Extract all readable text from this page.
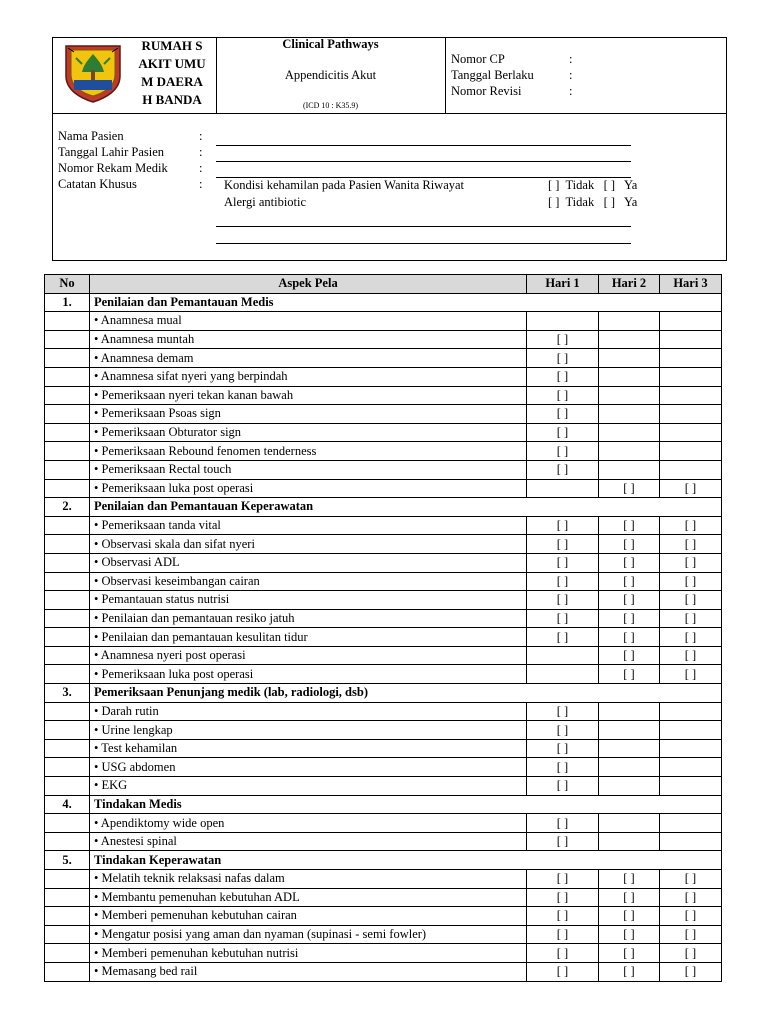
RUMAH S
AKIT UMU
M DAERA
H BANDA
Clinical Pathways
Appendicitis Akut
(ICD 10 : K35.9)
Nomor CP
Tanggal Berlaku
Nomor Revisi
:
:
:
Nama Pasien
Tanggal Lahir Pasien
Nomor Rekam Medik
Catatan Khusus
:
:
:
: Kondisi kehamilan pada Pasien Wanita Riwayat
Alergi antibiotic
[ ] Tidak [ ] Ya
[ ] Tidak [ ] Ya
No	Aspek Pela	Hari 1	Hari 2	Hari 3
1.	Penilaian dan Pemantauan Medis			
	• Anamnesa mual			
	• Anamnesa muntah	[ ]		
	• Anamnesa demam	[ ]		
	• Anamnesa sifat nyeri yang berpindah	[ ]		
	• Pemeriksaan nyeri tekan kanan bawah	[ ]		
	• Pemeriksaan Psoas sign	[ ]		
	• Pemeriksaan Obturator sign	[ ]		
	• Pemeriksaan Rebound fenomen tenderness	[ ]		
	• Pemeriksaan Rectal touch	[ ]		
	• Pemeriksaan luka post operasi		[ ]	[ ]
2.	Penilaian dan Pemantauan Keperawatan			
	• Pemeriksaan tanda vital	[ ]	[ ]	[ ]
	• Observasi skala dan sifat nyeri	[ ]	[ ]	[ ]
	• Observasi ADL	[ ]	[ ]	[ ]
	• Observasi keseimbangan cairan	[ ]	[ ]	[ ]
	• Pemantauan status nutrisi	[ ]	[ ]	[ ]
	• Penilaian dan pemantauan resiko jatuh	[ ]	[ ]	[ ]
	• Penilaian dan pemantauan kesulitan tidur	[ ]	[ ]	[ ]
	• Anamnesa nyeri post operasi		[ ]	[ ]
	• Pemeriksaan luka post operasi		[ ]	[ ]
3.	Pemeriksaan Penunjang medik (lab, radiologi, dsb)			
	• Darah rutin	[ ]		
	• Urine lengkap	[ ]		
	• Test kehamilan	[ ]		
	• USG abdomen	[ ]		
	• EKG	[ ]		
4.	Tindakan Medis			
	• Apendiktomy wide open	[ ]		
	• Anestesi spinal	[ ]		
5.	Tindakan Keperawatan			
	• Melatih teknik relaksasi nafas dalam	[ ]	[ ]	[ ]
	• Membantu pemenuhan kebutuhan ADL	[ ]	[ ]	[ ]
	• Memberi pemenuhan kebutuhan cairan	[ ]	[ ]	[ ]
	• Mengatur posisi yang aman dan nyaman (supinasi - semi fowler)	[ ]	[ ]	[ ]
	• Memberi pemenuhan kebutuhan nutrisi	[ ]	[ ]	[ ]
	• Memasang bed rail	[ ]	[ ]	[ ]
